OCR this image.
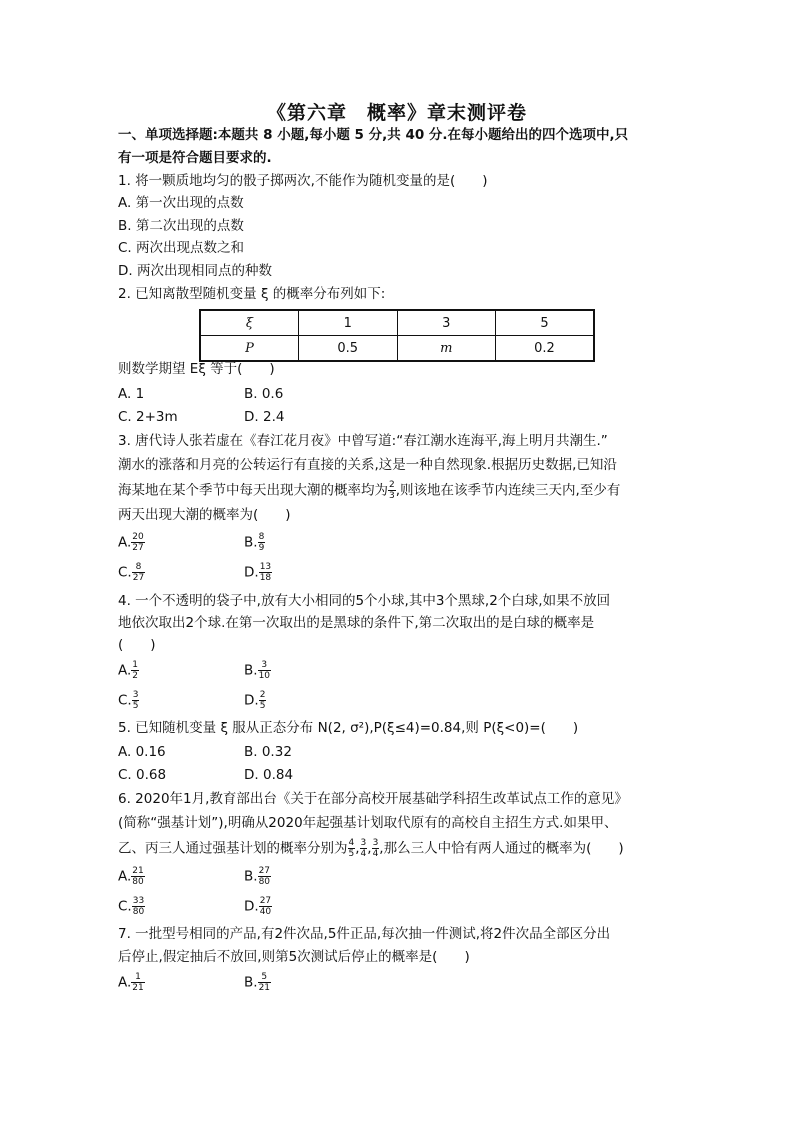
《第六章　概率》章末测评卷
一、单项选择题:本题共 8 小题,每小题 5 分,共 40 分.在每小题给出的四个选项中,只
有一项是符合题目要求的.
1. 将一颗质地均匀的骰子掷两次,不能作为随机变量的是(　　)
A. 第一次出现的点数
B. 第二次出现的点数
C. 两次出现点数之和
D. 两次出现相同点的种数
2. 已知离散型随机变量 ξ 的概率分布列如下:
ξ	1	3	5
P	0.5	m	0.2
则数学期望 Eξ 等于(　　)
A. 1	B. 0.6
C. 2+3m	D. 2.4
3. 唐代诗人张若虚在《春江花月夜》中曾写道:“春江潮水连海平,海上明月共潮生.”
潮水的涨落和月亮的公转运行有直接的关系,这是一种自然现象.根据历史数据,已知沿
海某地在某个季节中每天出现大潮的概率均为 $\frac{2}{3}$ ,则该地在该季节内连续三天内,至少有
两天出现大潮的概率为(　　)
A. $\frac{20}{27}$	B. $\frac{8}{9}$
C. $\frac{8}{27}$	D. $\frac{13}{18}$
4. 一个不透明的袋子中,放有大小相同的5个小球,其中3个黑球,2个白球,如果不放回
地依次取出2个球.在第一次取出的是黑球的条件下,第二次取出的是白球的概率是
(　　)
A. $\frac{1}{2}$	B. $\frac{3}{10}$
C. $\frac{3}{5}$	D. $\frac{2}{5}$
5. 已知随机变量 ξ 服从正态分布 N(2, σ²),P(ξ≤4)=0.84,则 P(ξ<0)=(　　)
A. 0.16	B. 0.32
C. 0.68	D. 0.84
6. 2020年1月,教育部出台《关于在部分高校开展基础学科招生改革试点工作的意见》
(简称“强基计划”),明确从2020年起强基计划取代原有的高校自主招生方式.如果甲、
乙、丙三人通过强基计划的概率分别为 $\frac{4}{5}$ , $\frac{3}{4}$ , $\frac{3}{4}$ ,那么三人中恰有两人通过的概率为(　　)
A. $\frac{21}{80}$	B. $\frac{27}{80}$
C. $\frac{33}{80}$	D. $\frac{27}{40}$
7. 一批型号相同的产品,有2件次品,5件正品,每次抽一件测试,将2件次品全部区分出
后停止,假定抽后不放回,则第5次测试后停止的概率是(　　)
A. $\frac{1}{21}$	B. $\frac{5}{21}$
